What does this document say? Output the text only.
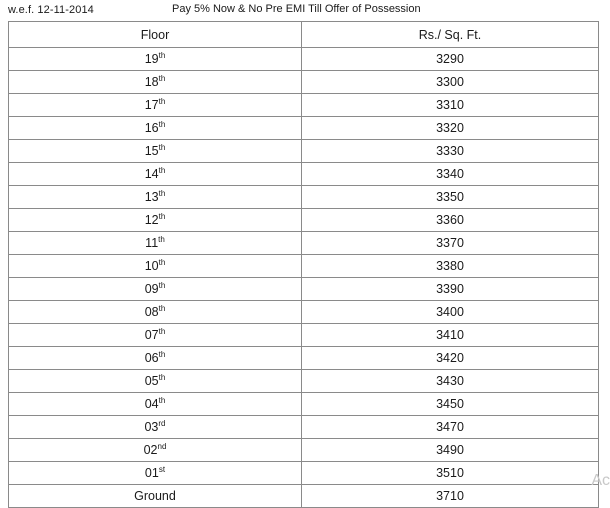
w.e.f. 12-11-2014	Pay 5% Now & No Pre EMI Till Offer of Possession
Floor	Rs./ Sq. Ft.
19th	3290
18th	3300
17th	3310
16th	3320
15th	3330
14th	3340
13th	3350
12th	3360
11th	3370
10th	3380
09th	3390
08th	3400
07th	3410
06th	3420
05th	3430
04th	3450
03rd	3470
02nd	3490
01st	3510
Ground	3710
Ac
